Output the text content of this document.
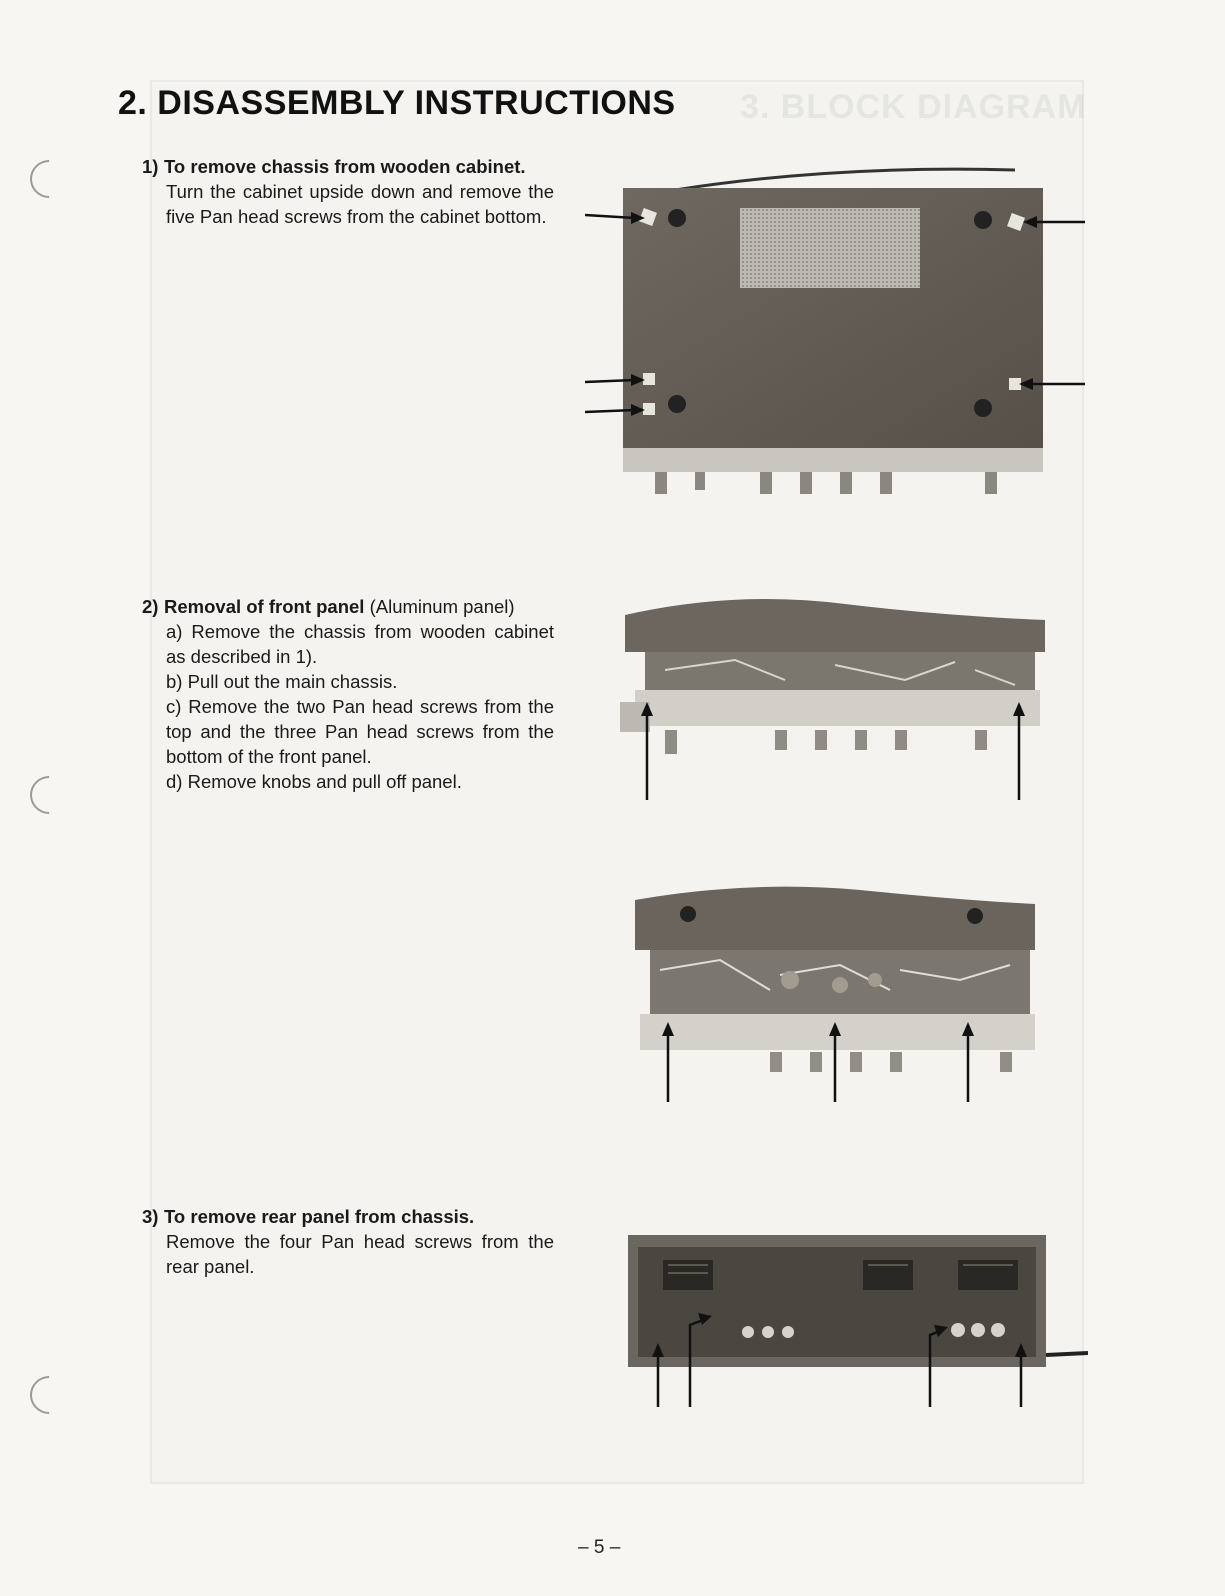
3. BLOCK DIAGRAM
2. DISASSEMBLY INSTRUCTIONS
1) To remove chassis from wooden cabinet.

Turn the cabinet upside down and remove the five Pan head screws from the cabinet bottom.

2) Removal of front panel (Aluminum panel)

a) Remove the chassis from wooden cabinet as described in 1).

b) Pull out the main chassis.

c) Remove the two Pan head screws from the top and the three Pan head screws from the bottom of the front panel.

d) Remove knobs and pull off panel.

3) To remove rear panel from chassis.

Remove the four Pan head screws from the rear panel.

– 5 –
